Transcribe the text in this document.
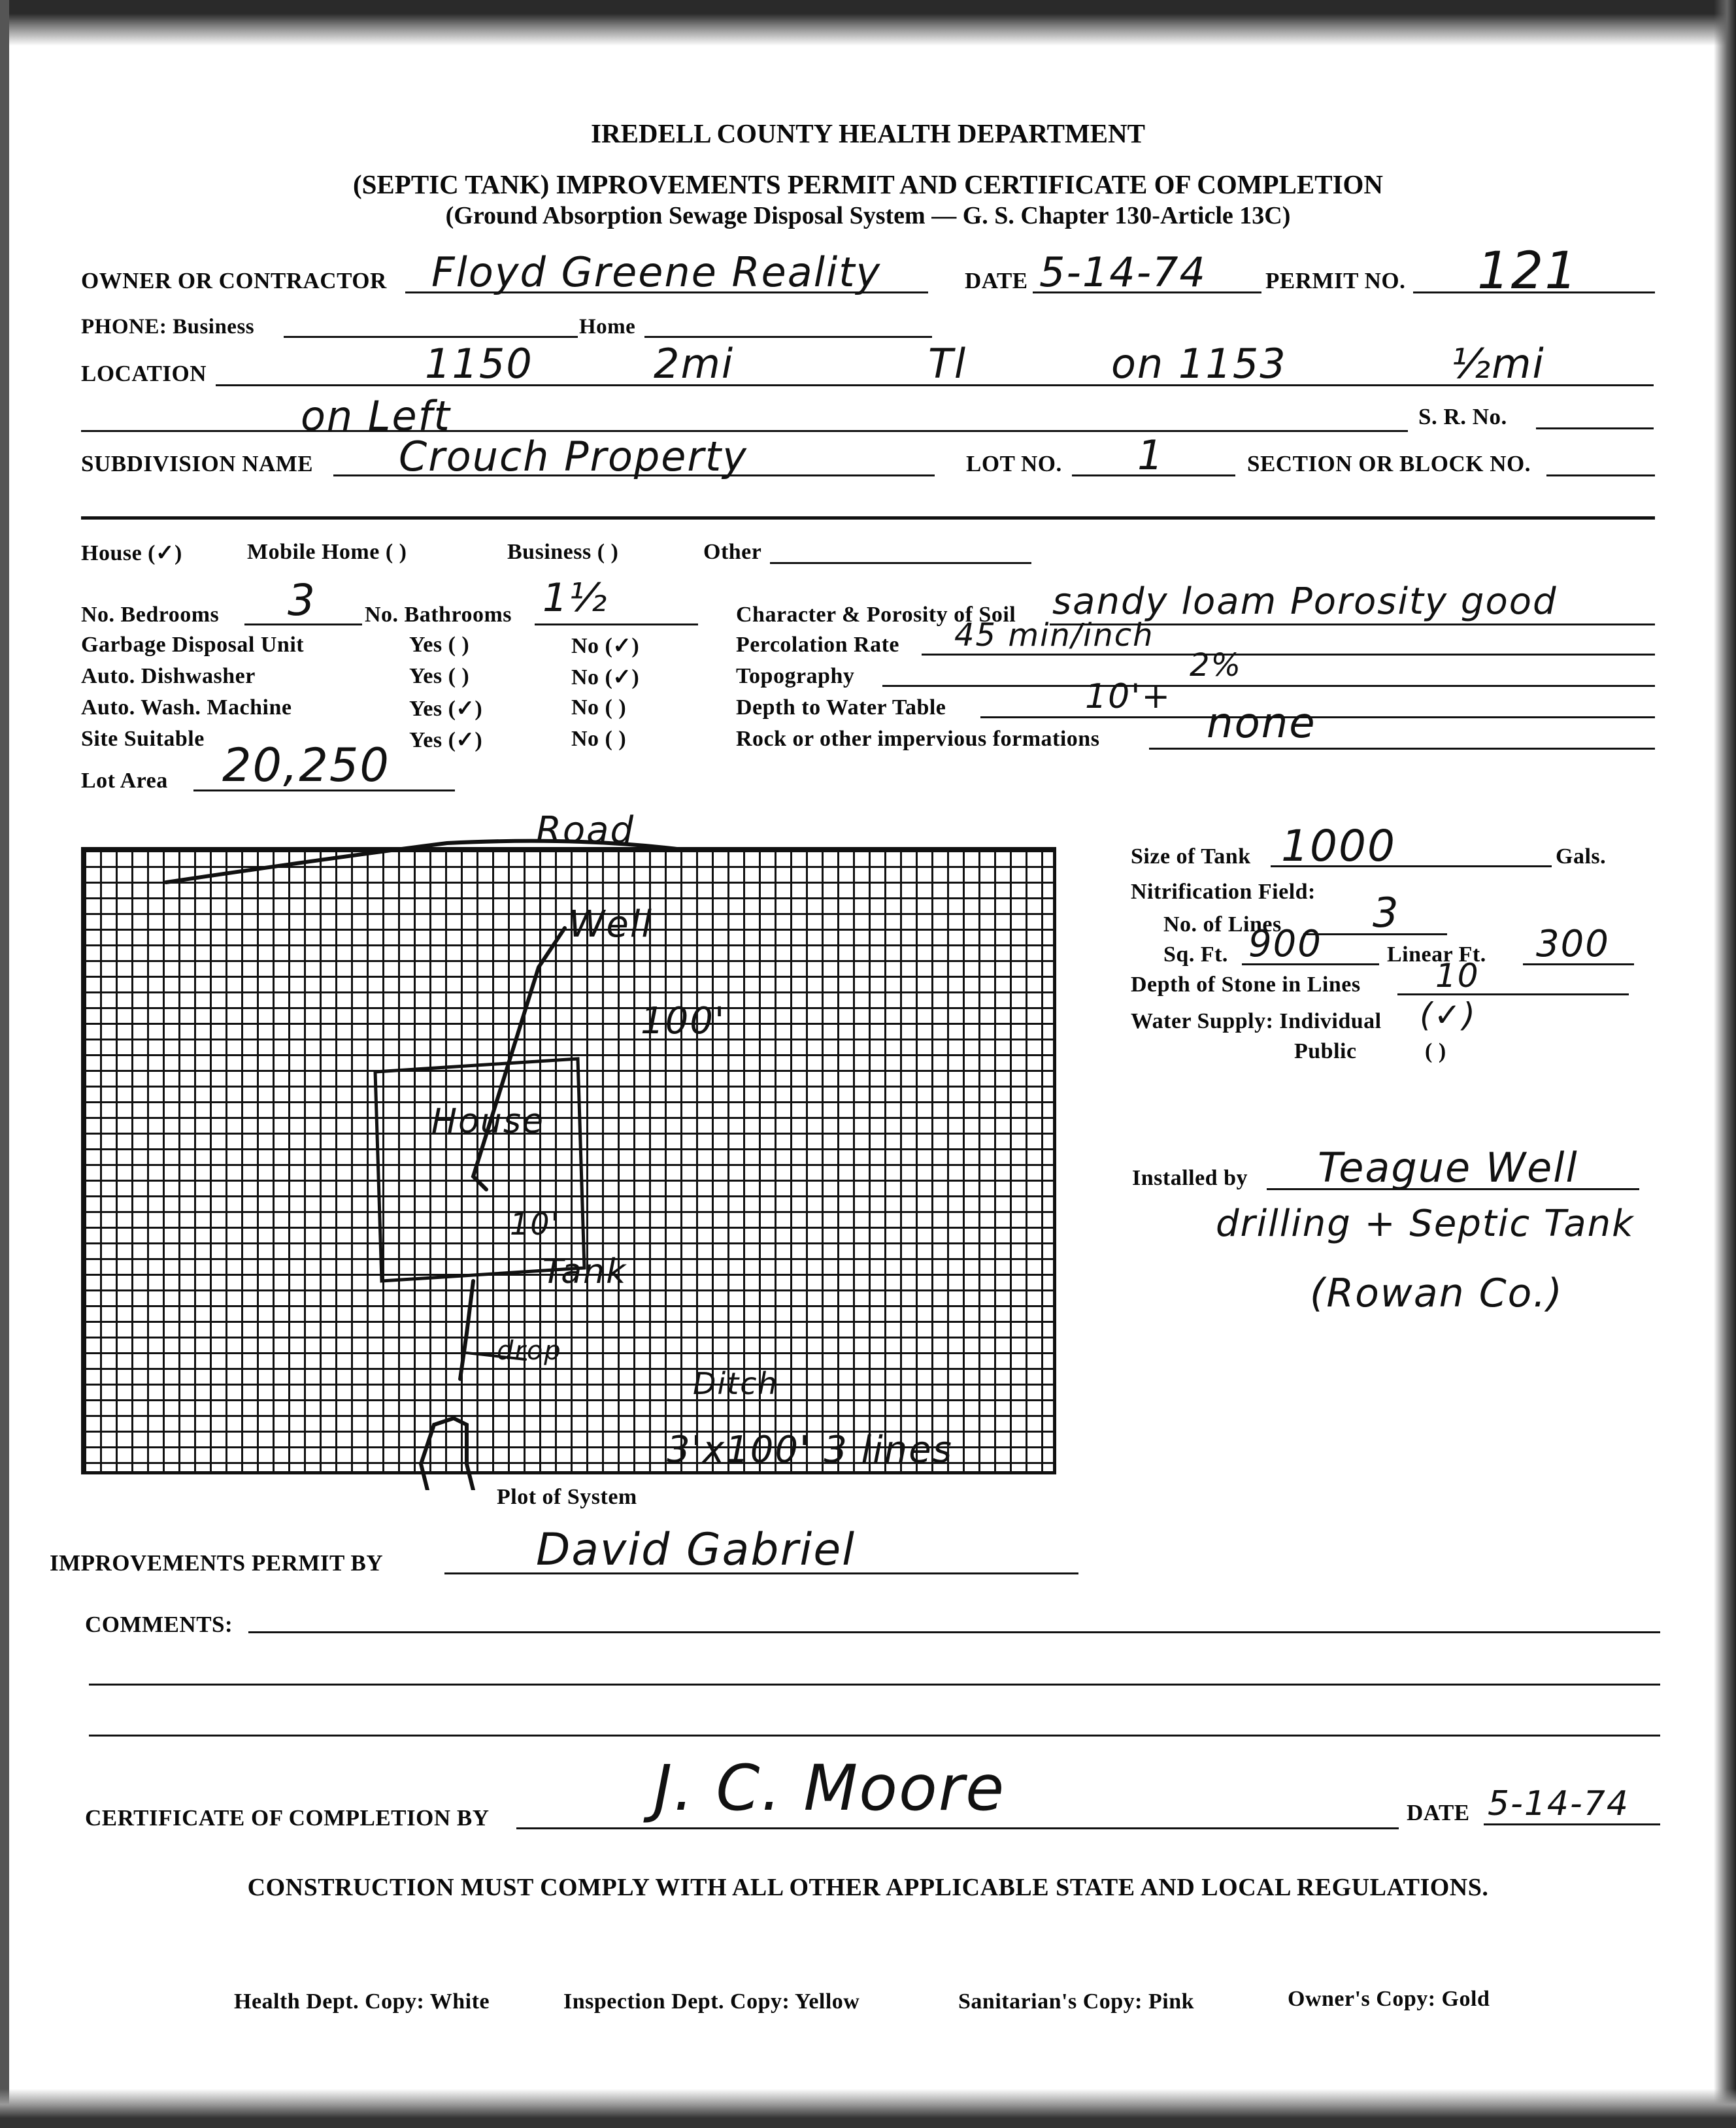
IREDELL COUNTY HEALTH DEPARTMENT
(SEPTIC TANK) IMPROVEMENTS PERMIT AND CERTIFICATE OF COMPLETION
(Ground Absorption Sewage Disposal System — G. S. Chapter 130-Article 13C)
OWNER OR CONTRACTOR Floyd Greene Reality	DATE 5-14-74	PERMIT NO. 121
PHONE: Business	Home
LOCATION	1150	2mi	Tl	on 1153	½mi
on Left	S. R. No.
SUBDIVISION NAME Crouch Property	LOT NO. 1	SECTION OR BLOCK NO.
House (✓)	Mobile Home ( )	Business ( )	Other
No. Bedrooms 3 No. Bathrooms 1½
Garbage Disposal Unit	Yes ( )	No (✓)
Auto. Dishwasher	Yes ( )	No (✓)
Auto. Wash. Machine	Yes (✓)	No ( )
Site Suitable	Yes (✓)	No ( )
Lot Area 20,250
Character & Porosity of Soil sandy loam Porosity good
Percolation Rate 45 min/inch
Topography	2%
Depth to Water Table	10'+
Rock or other impervious formations	none
Road
Well
100'
House
10'
Tank
drop
Ditch
3'x100' 3 lines
Plot of System
Size of Tank 1000	Gals.
Nitrification Field:
No. of Lines 3
Sq. Ft. 900	Linear Ft. 300
Depth of Stone in Lines 10
Water Supply: Individual (✓)
Public	( )
Installed by Teague Well
drilling + Septic Tank
(Rowan Co.)
IMPROVEMENTS PERMIT BY	David Gabriel
COMMENTS:
CERTIFICATE OF COMPLETION BY	J. C. Moore	DATE 5-14-74
CONSTRUCTION MUST COMPLY WITH ALL OTHER APPLICABLE STATE AND LOCAL REGULATIONS.
Health Dept. Copy: White	Inspection Dept. Copy: Yellow	Sanitarian's Copy: Pink	Owner's Copy: Gold
